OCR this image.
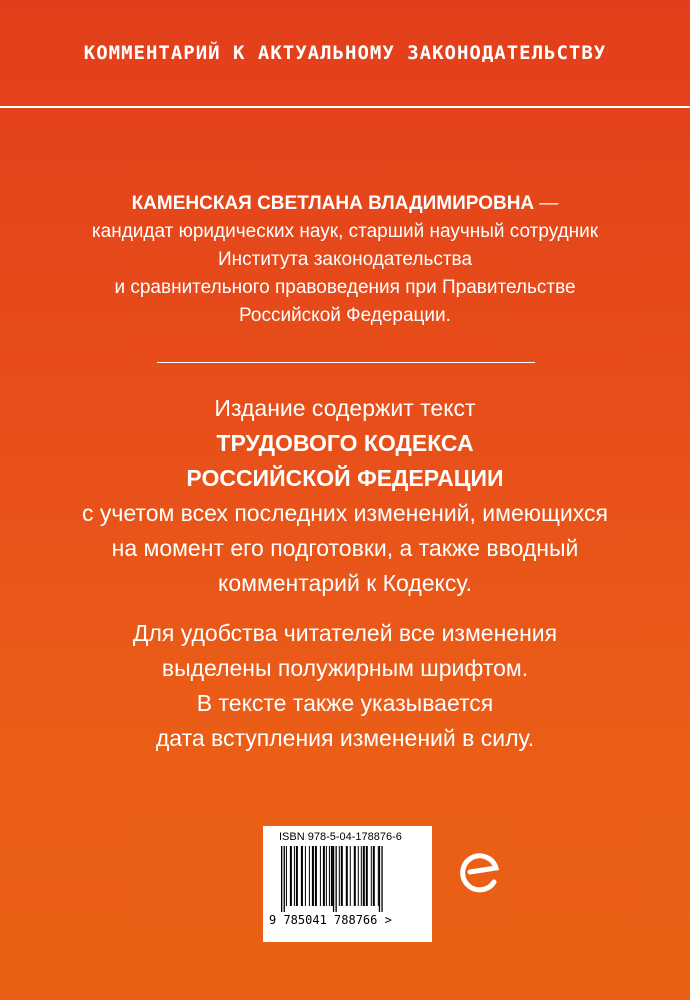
КОММЕНТАРИЙ К АКТУАЛЬНОМУ ЗАКОНОДАТЕЛЬСТВУ
КАМЕНСКАЯ СВЕТЛАНА ВЛАДИМИРОВНА —
кандидат юридических наук, старший научный сотрудник
Института законодательства
и сравнительного правоведения при Правительстве
Российской Федерации.
Издание содержит текст
ТРУДОВОГО КОДЕКСА
РОССИЙСКОЙ ФЕДЕРАЦИИ
с учетом всех последних изменений, имеющихся
на момент его подготовки, а также вводный
комментарий к Кодексу.
Для удобства читателей все изменения
выделены полужирным шрифтом.
В тексте также указывается
дата вступления изменений в силу.
ISBN 978-5-04-178876-6
9 785041 788766 >
